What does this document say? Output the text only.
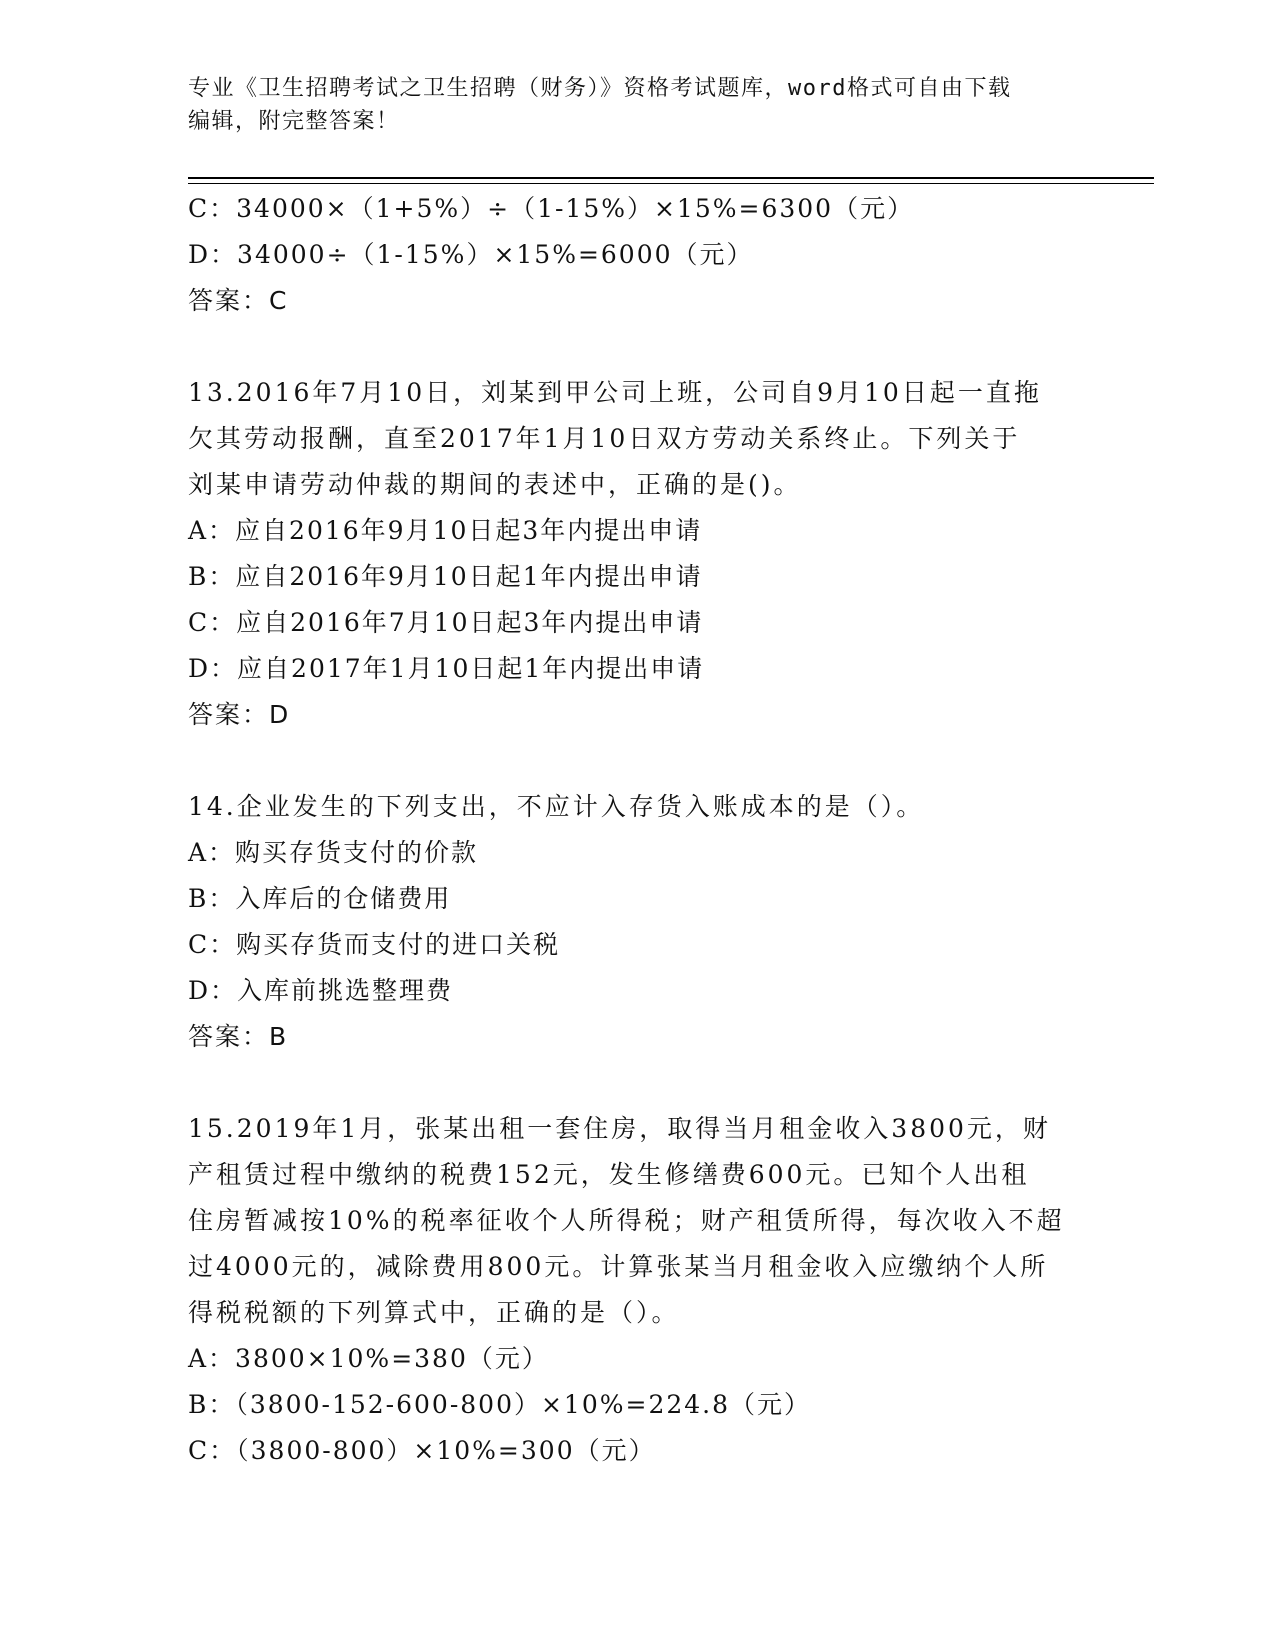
专业《卫生招聘考试之卫生招聘（财务）》资格考试题库，word格式可自由下载
编辑，附完整答案！
C：34000×（1+5%）÷（1-15%）×15%=6300（元）
D：34000÷（1-15%）×15%=6000（元）
答案：C
13.2016年7月10日，刘某到甲公司上班，公司自9月10日起一直拖
欠其劳动报酬，直至2017年1月10日双方劳动关系终止。下列关于
刘某申请劳动仲裁的期间的表述中，正确的是()。
A：应自2016年9月10日起3年内提出申请
B：应自2016年9月10日起1年内提出申请
C：应自2016年7月10日起3年内提出申请
D：应自2017年1月10日起1年内提出申请
答案：D
14.企业发生的下列支出，不应计入存货入账成本的是（）。
A：购买存货支付的价款
B：入库后的仓储费用
C：购买存货而支付的进口关税
D：入库前挑选整理费
答案：B
15.2019年1月，张某出租一套住房，取得当月租金收入3800元，财
产租赁过程中缴纳的税费152元，发生修缮费600元。已知个人出租
住房暂减按10%的税率征收个人所得税；财产租赁所得，每次收入不超
过4000元的，减除费用800元。计算张某当月租金收入应缴纳个人所
得税税额的下列算式中，正确的是（）。
A：3800×10%=380（元）
B：（3800-152-600-800）×10%=224.8（元）
C：（3800-800）×10%=300（元）
